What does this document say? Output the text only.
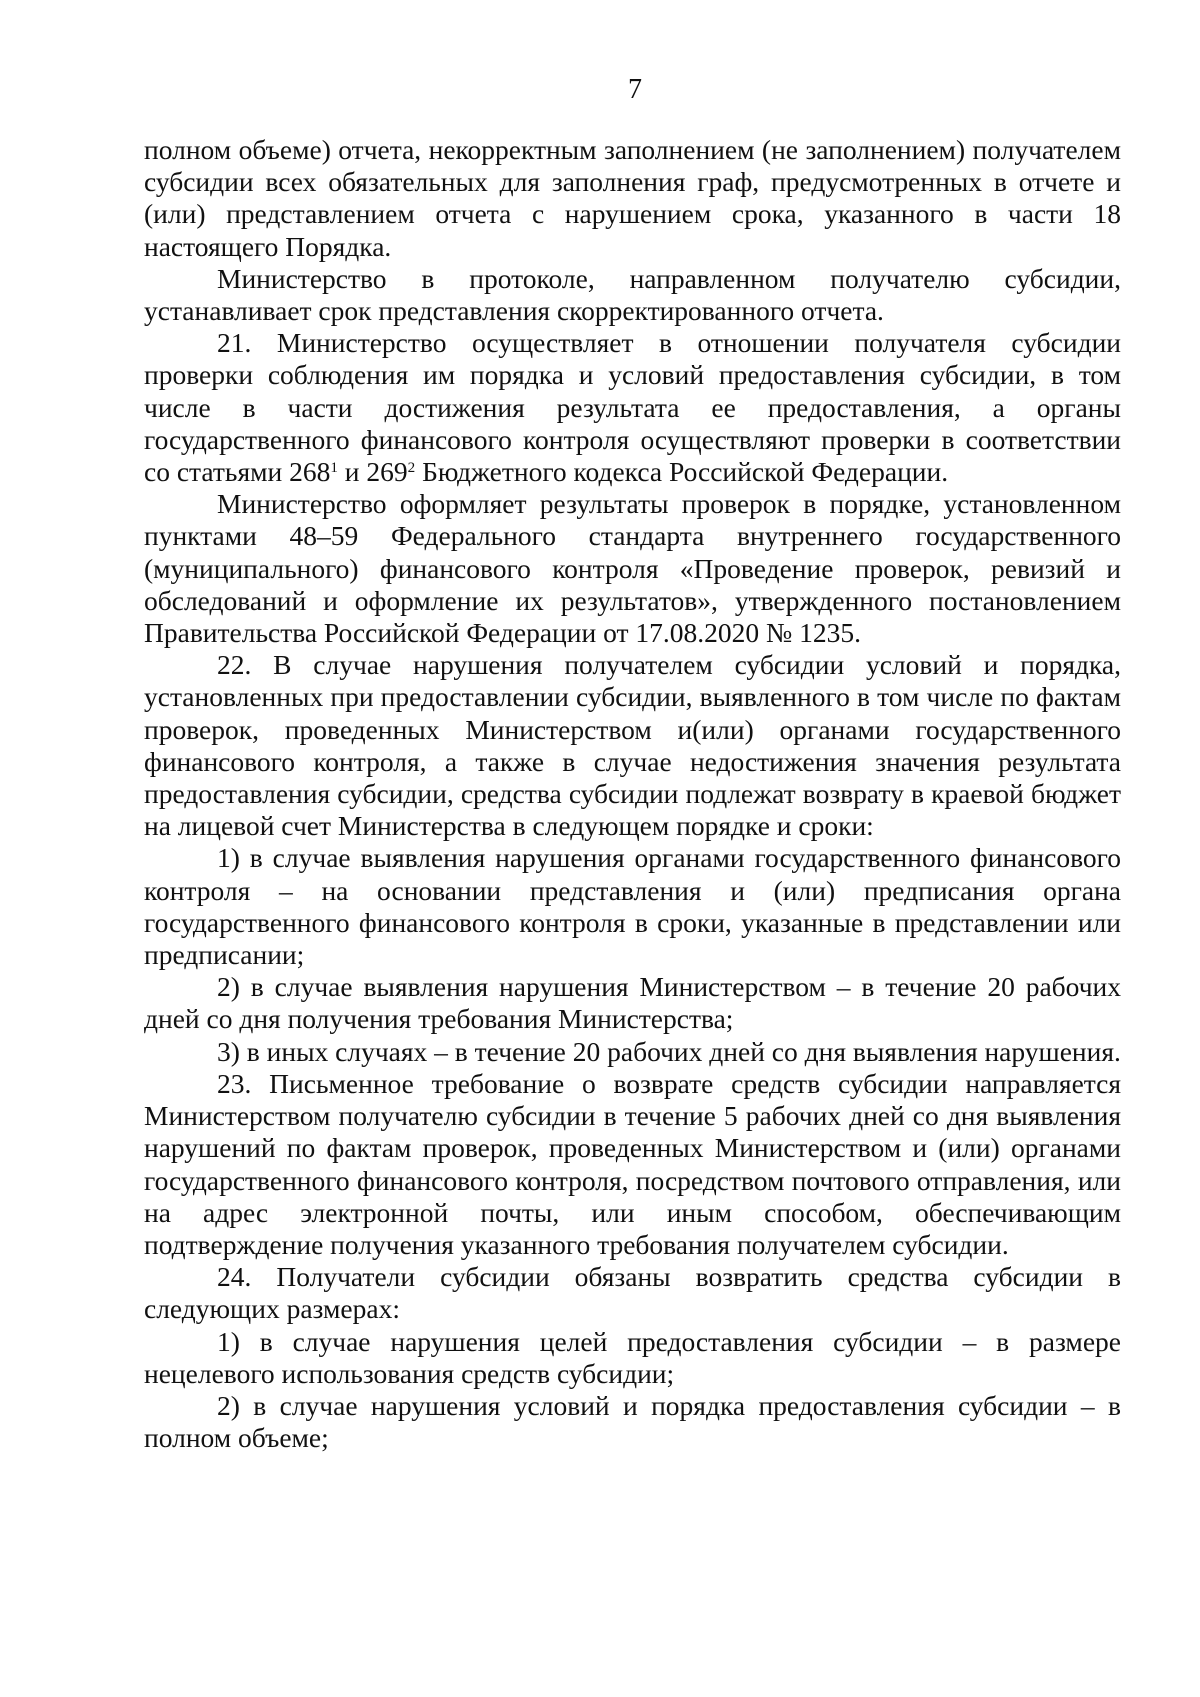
7

полном объеме) отчета, некорректным заполнением (не заполнением) получателем субсидии всех обязательных для заполнения граф, предусмотренных в отчете и (или) представлением отчета с нарушением срока, указанного в части 18 настоящего Порядка.

Министерство в протоколе, направленном получателю субсидии, устанавливает срок представления скорректированного отчета.

21. Министерство осуществляет в отношении получателя субсидии проверки соблюдения им порядка и условий предоставления субсидии, в том числе в части достижения результата ее предоставления, а органы государственного финансового контроля осуществляют проверки в соответствии со статьями $268^1$ и $269^2$ Бюджетного кодекса Российской Федерации.

Министерство оформляет результаты проверок в порядке, установленном пунктами 48–59 Федерального стандарта внутреннего государственного (муниципального) финансового контроля «Проведение проверок, ревизий и обследований и оформление их результатов», утвержденного постановлением Правительства Российской Федерации от 17.08.2020 № 1235.

22. В случае нарушения получателем субсидии условий и порядка, установленных при предоставлении субсидии, выявленного в том числе по фактам проверок, проведенных Министерством и(или) органами государственного финансового контроля, а также в случае недостижения значения результата предоставления субсидии, средства субсидии подлежат возврату в краевой бюджет на лицевой счет Министерства в следующем порядке и сроки:

1) в случае выявления нарушения органами государственного финансового контроля – на основании представления и (или) предписания органа государственного финансового контроля в сроки, указанные в представлении или предписании;

2) в случае выявления нарушения Министерством – в течение 20 рабочих дней со дня получения требования Министерства;

3) в иных случаях – в течение 20 рабочих дней со дня выявления нарушения.

23. Письменное требование о возврате средств субсидии направляется Министерством получателю субсидии в течение 5 рабочих дней со дня выявления нарушений по фактам проверок, проведенных Министерством и (или) органами государственного финансового контроля, посредством почтового отправления, или на адрес электронной почты, или иным способом, обеспечивающим подтверждение получения указанного требования получателем субсидии.

24. Получатели субсидии обязаны возвратить средства субсидии в следующих размерах:

1) в случае нарушения целей предоставления субсидии – в размере нецелевого использования средств субсидии;

2) в случае нарушения условий и порядка предоставления субсидии – в полном объеме;
